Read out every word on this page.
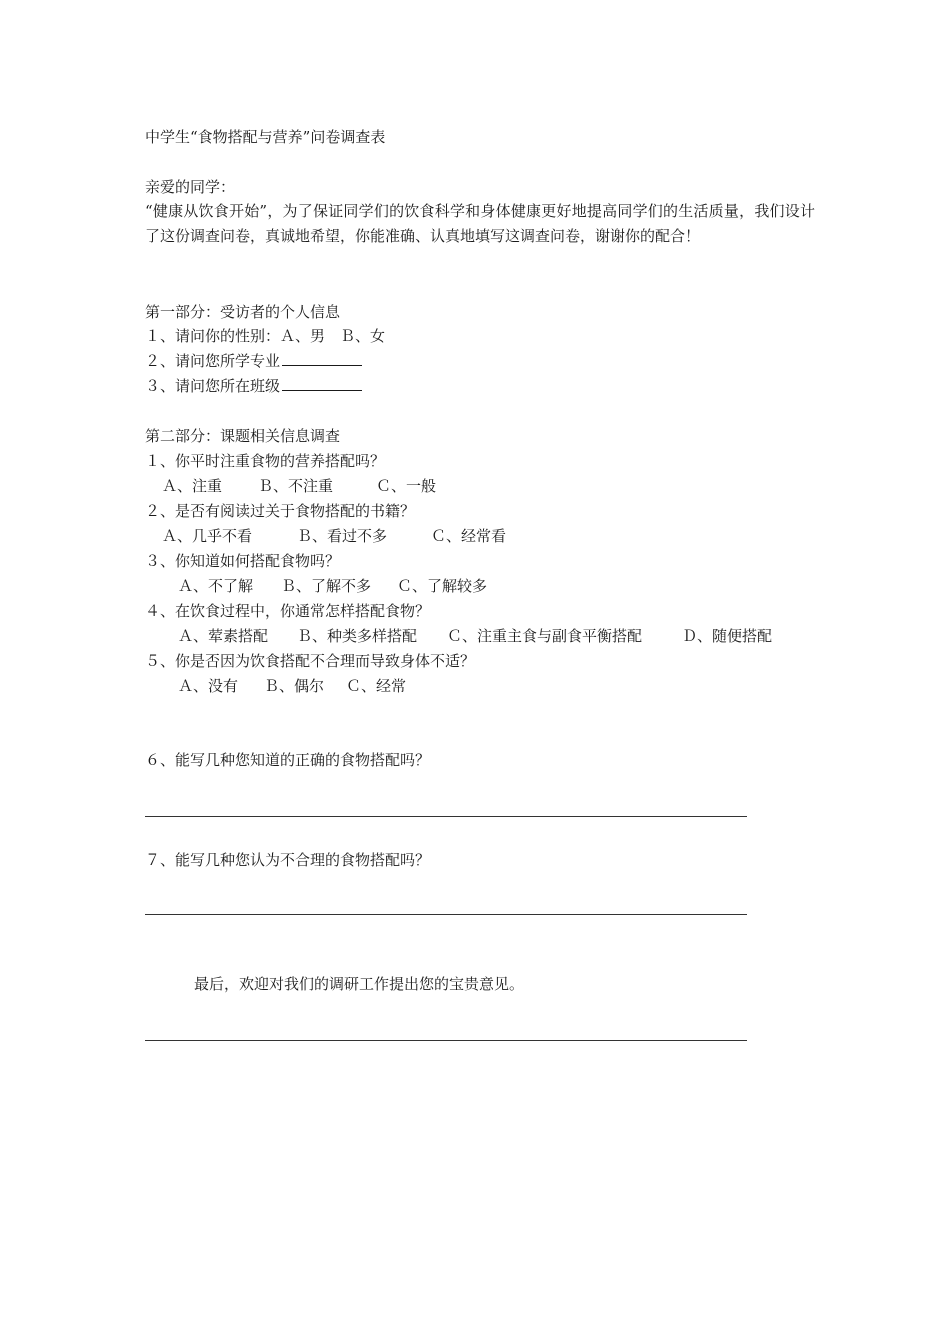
中学生“食物搭配与营养”问卷调查表
亲爱的同学：
“健康从饮食开始”，为了保证同学们的饮食科学和身体健康更好地提高同学们的生活质量，我们设计了这份调查问卷，真诚地希望，你能准确、认真地填写这调查问卷，谢谢你的配合！
第一部分：受访者的个人信息
１、请问你的性别：Ａ、男　Ｂ、女
２、请问您所学专业
３、请问您所在班级
第二部分：课题相关信息调查
１、你平时注重食物的营养搭配吗？
Ａ、注重 Ｂ、不注重	Ｃ、一般
２、是否有阅读过关于食物搭配的书籍？
Ａ、几乎不看	Ｂ、看过不多	Ｃ、经常看
３、你知道如何搭配食物吗？
Ａ、不了解 Ｂ、了解不多 Ｃ、了解较多
４、在饮食过程中，你通常怎样搭配食物？
Ａ、荤素搭配 Ｂ、种类多样搭配 Ｃ、注重主食与副食平衡搭配	Ｄ、随便搭配
５、你是否因为饮食搭配不合理而导致身体不适？
Ａ、没有 Ｂ、偶尔 Ｃ、经常
６、能写几种您知道的正确的食物搭配吗？
７、能写几种您认为不合理的食物搭配吗？
最后，欢迎对我们的调研工作提出您的宝贵意见。
